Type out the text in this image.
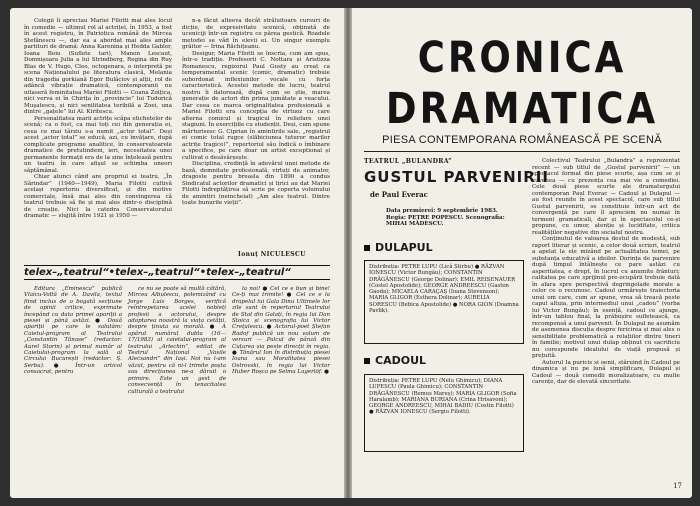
Colegii îi apreciau Mariei Filotti mai ales locul în comedie — ultimul rol al actriței, în 1953, a fost în acest registru, în Patriotica română de Mircea Ștefănescu —, dar ea a abordat mai ales ample partituri de dramă: Anna Karenina și Hedda Gabler, Ioana Boiu (Suflete tari), Manon Lescaut, Domnișoara Julia a lui Strindberg, Regina din Ruy Blas de V. Hugo, Cleo, octogenara, o interpretă pe scena Naționalului pe literatura clasică, Melania din tragedia gorkiană Egor Bulâciov și alții, rol de adâncă vibrație dramatică, contemporanii nu uitaseră feminitatea Mariei Filotti — Coana Zoițica, nici verva ei în Chirița în „provincie” lui Tudorică Muşatescu, și nici senilitatea teribilă a Zoei, una dintre „gațele” lui Al. Kiritescu.

Personalitatea marii actrițe scăpa etichetelor de scenă; ca o fost, ca mai toți cei din generația ei, ceea ce mai târziu s-a numit „actor total”. Deși acest „actor total” se educă, azi, cu învățare, după complicate programe analitice, în conservatoarele dramatice de pretutindeni, ieri, necesitatea unei permanente formații era de la sine înțeleasă pentru un teatru în care afișul se schimba uneori săptămânal.

Chiar atunci când are propriul ei teatru, „În Sărindar” (1940—1949), Maria Filotti cultivă același repertoriu diversificat, și din motive comerciale, însă mai ales din convingerea că teatrul trebuie să fie și mai ales dintr-o disciplină de creație. Nici la catedra Conservatorului dramatic — slujită între 1921 și 1950 —

n-a făcut alteeva decât străluitoare cursuri de dicție, de expresivitate scenică, obținută de uceniciji într-un registru ce părea gestică. Roadele metodei se văd în elevii ei. Un singur exemplu grăitor — Irina Răchițeanu.

Desigur, Maria Filotti se înscria, cum am spus, într-o tradiție. Profesorii C. Nottara și Aristizza Romanescu, regizorul Paul Gusty au creat ca temperamental scenic (comic, dramatic) trebuie subordonat inflexiunilor vocale cu forța caracteristică. Acestei metode de lucru, teatrul nostru îi datorează, după cum se știe, marea generație de actori din prima jumătate a veacului. Dar ceea ce marca originalitatea profesională a Mariei Filotti era concepția de virtuoz cu care alterna comicul și tragicul în reliefare unei stagiuni. În exercițiile cu studenții. Deși, cum spune mărturisesc G. Ciprian în amintirile sale, „registrul ei comic total rugce (slăbiciunea tuturor marilor actrițe tragice)”, repertoriul său îndică o îmbinare a specifice, pe care doar un artist exceptional și cultivat o desăvârșește.

Disciplina, credință în adevărul unei metode de bază, demnitate profesională, virtuți de animator, dragoste pentru breasla din 1890 a condus Sindicatul actorilor dramatici și lirici au dat Mariei Filotti îndreptățirea să scrie pe coperta volumului de amintiri (neincheiat) „Am ales teatrul. Dintre toate bunurile vieții”.

Ionuț NICULESCU
telex–„teatrul“•telex–„teatrul“•telex–„teatrul“

Editura „Eminescu” publică Vlaicu-Voltă de A. Davila, textul fiind inclus de o bogată secțiune de opinii critice, exprimate începând cu data primei apariții a piesei și până astăzi. ● Două apariții pe care le salutăm: Caietul-program al Teatrului „Constantin Tănase” (redactor: Aurel Storin) și primul număr al Caietului-program la sală al Circului București (redactor: Ș. Serbu). ● Într-un articol consacrat, pentru

ce nu se poate să multă câtără, Mircea Albulescu, polemizând cu Jorge Luis Borges, verifică reîntrepetarea acelei nobleți profesii a actorului, despre adaptarea noastră la viața cetății, despre ținuta sa morală. ● A apărut numărul dublu (16—17/1983) al caietului-program al teatrului „Arlechin”, editat de Teatrul Național „Vasile Alecsandri” din Iași. Noi nu l-am văzut, pentru că ni-l trimite poșta sau direcțiunea ne-a dăruit o primire. Este un gest de consecvență în tenacitatea culturală a teatrului

la noi! ● Cel ce e bun și bine! Ce-ți mai trimite! ● Cel ce e la drapelul lui Gala Dinu Ultimele lor zile sunt în repertoriul Teatrului de Stat din Galați, în regia lui Dan Stoica și scenografia lui Victor Crețulescu. ● Actorul-poet Ștefan Radof publică un nou volum de versuri — Palcul de pânză din Cuțarea șia peste direcții în regia. ● Tânărul Ion în distribuția piesei Ioana sau Moralitatea piesei Ostrovski, în regia lui Victor Huber Roșca pe Selma Lagerlöf. ●

CRONICA
DRAMATICA
PIESA CONTEMPORANA ROMÂNEASCĂ PE SCENĂ
TEATRUL „BULANDRA”
GUSTUL PARVENIRII
de Paul Everac
Data premierei: 9 septembrie 1983. Regia: PETRE POPESCU. Scenografia: MIHAI MĂDESCU.
DULAPUL
Distribuția: PETRE LUPU (Lică Știrbu) ● RĂZVAN IONESCU (Victor Bungău); CONSTANTIN DRĂGĂNESCU (George Dolinar); EMIL REISENAUER (Costel Apostolide); GEORGE ANDREESCU (Gaston Gaoda); MICAELA CARAÇAȘ (Ioana Stevenson); MARIA GLIGOR (Esthera Dolinar); AURELIA SORESCU (Bebica Apostolide) ● NORA GION (Doamna Pavlik).
CADOUL
Distribuția: PETRE LUPU (Nelu Ghimicu); DIANA LUPESCU (Paula Ghimicu); CONSTANTIN DRĂGĂNESCU (Remus Mareș); MARIA GLIGOR (Sofia Haralamb); MARIANA BURIANA (Crina Hrisavoni); GEORGE ANDREESCU, MIHAI BADIU (Costin Filotti) ● RĂZVAN IONESCU (Sergiu Filotti).

Colectivul Teatrului „Bulandra” a reprezentat recent — sub titlul de „Gustul parvenirii” — un spectacol format din piese scurte, așa cum se și cuvenea — cu prezența cea mai vie a comediei. Cele două piese scurte ale dramaturgului contemporan Paul Everac — Cadoul și Dulapul — au fost reunite în acest spectacol, care sub titlul Gustul parvenirii, se constituie într-un act de convergență pe care îl apreciem nu numai în termeni gramaticali, dar și în spectacolul ce-și propune, cu umor, atenție și luciditate, critica realităților negative din socialul nostru.

Conținutul de valoarea destul de modestă, sub raport literar și scenic, a celor două scrieri, teatrul a apelat la ele mizând pe actualitatea temei, pe substanța educativă a ideilor. Dorința de parvenire după timpul întâlnește ce pare astăzi cu asperitatea, e drept, în lucrul cu anumite frânturi; calitatea pe care sprijinul pre-ocupării trebuie dată în afara spre perspectivă degringolade morale a celor ce o recunosc. Cadoul urmărește traiectoria unui om care, cum ar spune, vrea să treacă peste capul altuia, prin intermediul unui „cadou” (vorba lui Victor Bungău); în esență, cadoul ce ajunge, într-un tablou final, la prăbușire sufletească, ca recompensă a unui parvenit. În Dulapul ne asumăm de asemenea discuția despre fericirea și mai ales o sensibilitate problematică a relațiilor dintre tineri în familie; motivul unui dulap obținut cu sacrificiu nu corespunde idealului de viață propusă și prețuită.

Autorul Ia puricis si oenii, stăruind în Cadoul pe dinamica și nu pe lună simplificare, Dulapul și Cadoul — două comedii moralizatoare, cu multe carențe, dar de elevată sinceritate.

17
